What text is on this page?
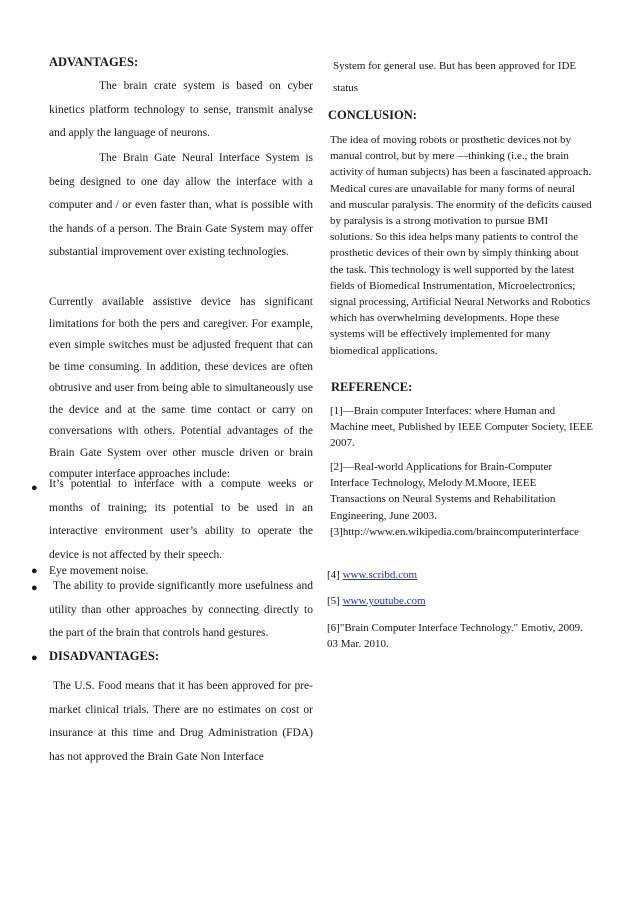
ADVANTAGES:

The brain crate system is based on cyber kinetics platform technology to sense, transmit analyse and apply the language of neurons.

The Brain Gate Neural Interface System is being designed to one day allow the interface with a computer and / or even faster than, what is possible with the hands of a person. The Brain Gate System may offer substantial improvement over existing technologies.

Currently available assistive device has significant limitations for both the pers and caregiver. For example, even simple switches must be adjusted frequent that can be time consuming. In addition, these devices are often obtrusive and user from being able to simultaneously use the device and at the same time contact or carry on conversations with others. Potential advantages of the Brain Gate System over other muscle driven or brain computer interface approaches include:

● It’s potential to interface with a compute weeks or months of training; its potential to be used in an interactive environment user’s ability to operate the device is not affected by their speech.

● Eye movement noise.

●	The ability to provide significantly more usefulness and utility than other approaches by connecting directly to the part of the brain that controls hand gestures.

● DISADVANTAGES:

The U.S. Food means that it has been approved for pre-market clinical trials. There are no estimates on cost or insurance at this time and Drug Administration (FDA) has not approved the Brain Gate Non Interface

System for general use. But has been approved for IDE status

CONCLUSION:

The idea of moving robots or prosthetic devices not by manual control, but by mere —thinking (i.e., the brain activity of human subjects) has been a fascinated approach. Medical cures are unavailable for many forms of neural and muscular paralysis. The enormity of the deficits caused by paralysis is a strong motivation to pursue BMI solutions. So this idea helps many patients to control the prosthetic devices of their own by simply thinking about the task. This technology is well supported by the latest fields of Biomedical Instrumentation, Microelectronics; signal processing, Artificial Neural Networks and Robotics which has overwhelming developments. Hope these systems will be effectively implemented for many biomedical applications.

REFERENCE:

[1]—Brain computer Interfaces: where Human and Machine meet, Published by IEEE Computer Society, IEEE 2007.

[2]—Real-world Applications for Brain-Computer Interface Technology, Melody M.Moore, IEEE Transactions on Neural Systems and Rehabilitation Engineering, June 2003.

[3]http://www.en.wikipedia.com/braincomputerinterface

[4] www.scribd.com
[5] www.youtube.com

[6]"Brain Computer Interface Technology." Emotiv, 2009. 03 Mar. 2010.
